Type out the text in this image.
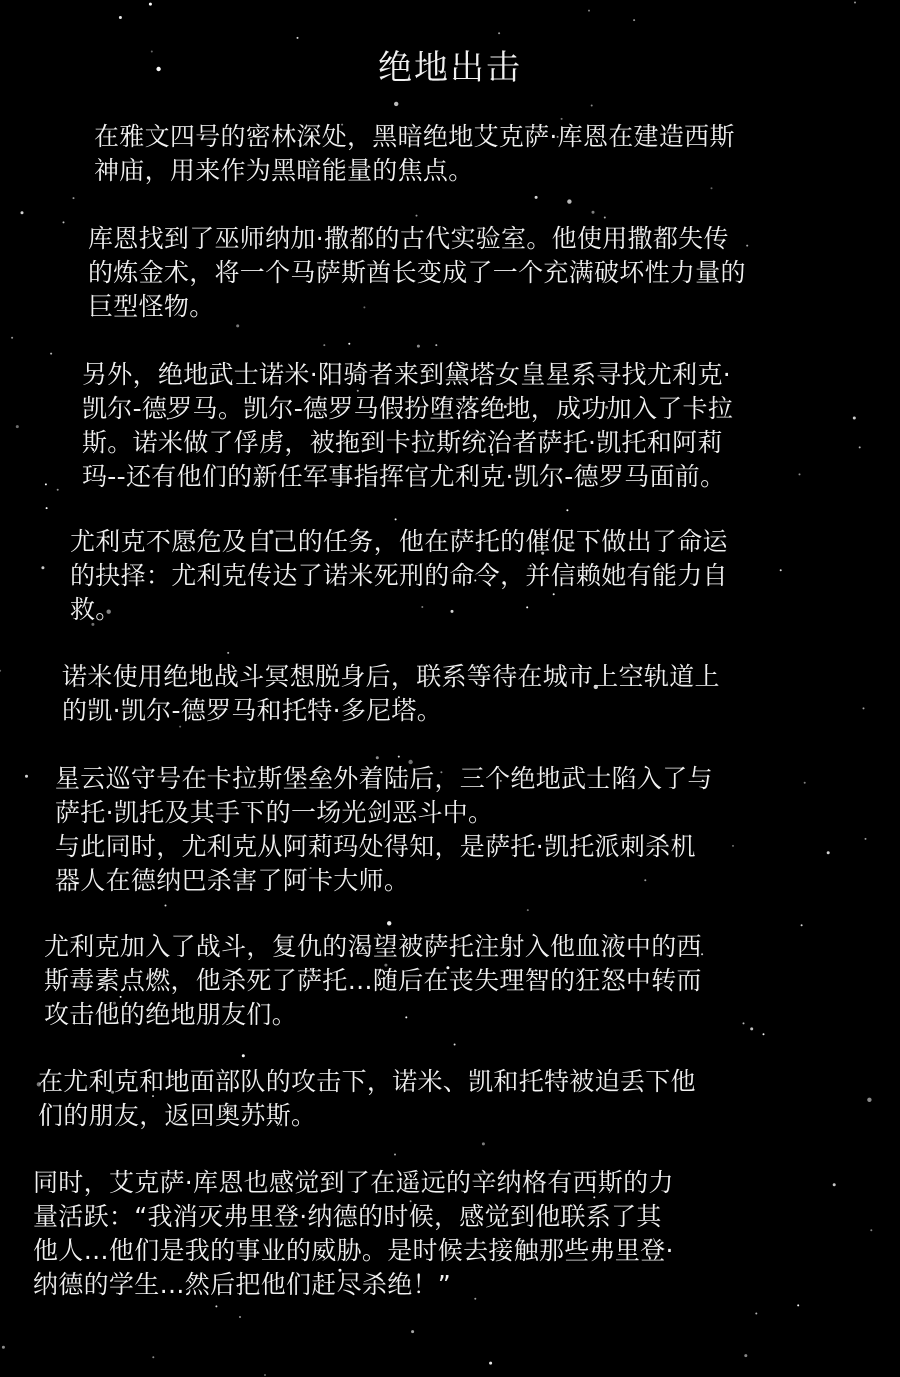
绝地出击

在雅文四号的密林深处，黑暗绝地艾克萨·库恩在建造西斯
神庙，用来作为黑暗能量的焦点。

库恩找到了巫师纳加·撒都的古代实验室。他使用撒都失传
的炼金术，将一个马萨斯酋长变成了一个充满破坏性力量的
巨型怪物。

另外，绝地武士诺米·阳骑者来到黛塔女皇星系寻找尤利克·
凯尔-德罗马。凯尔-德罗马假扮堕落绝地，成功加入了卡拉
斯。诺米做了俘虏，被拖到卡拉斯统治者萨托·凯托和阿莉
玛--还有他们的新任军事指挥官尤利克·凯尔-德罗马面前。

尤利克不愿危及自己的任务，他在萨托的催促下做出了命运
的抉择：尤利克传达了诺米死刑的命令，并信赖她有能力自
救。

诺米使用绝地战斗冥想脱身后，联系等待在城市上空轨道上
的凯·凯尔-德罗马和托特·多尼塔。

星云巡守号在卡拉斯堡垒外着陆后，三个绝地武士陷入了与
萨托·凯托及其手下的一场光剑恶斗中。
与此同时，尤利克从阿莉玛处得知，是萨托·凯托派刺杀机
器人在德纳巴杀害了阿卡大师。

尤利克加入了战斗，复仇的渴望被萨托注射入他血液中的西
斯毒素点燃，他杀死了萨托…随后在丧失理智的狂怒中转而
攻击他的绝地朋友们。

在尤利克和地面部队的攻击下，诺米、凯和托特被迫丢下他
们的朋友，返回奥苏斯。

同时，艾克萨·库恩也感觉到了在遥远的辛纳格有西斯的力
量活跃：“我消灭弗里登·纳德的时候，感觉到他联系了其
他人…他们是我的事业的威胁。是时候去接触那些弗里登·
纳德的学生…然后把他们赶尽杀绝！”
